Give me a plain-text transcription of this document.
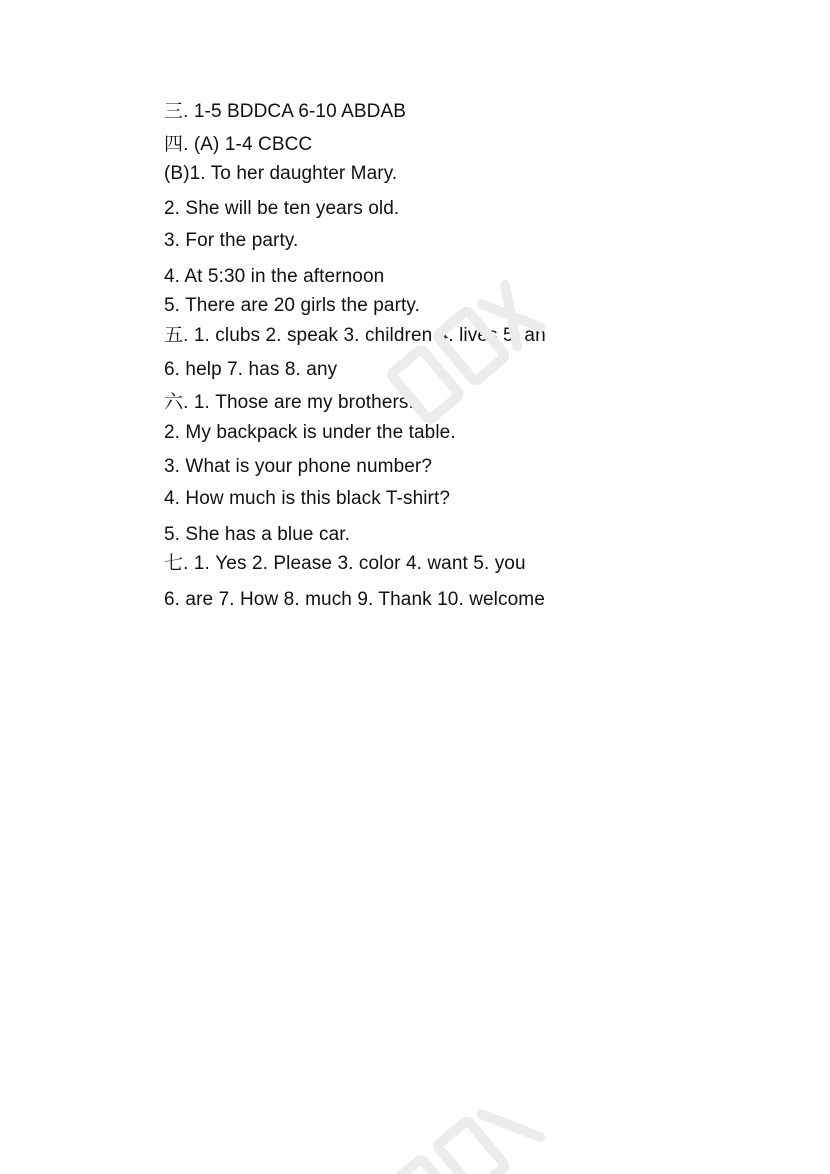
三. 1-5 BDDCA 6-10 ABDAB
四. (A) 1-4 CBCC
(B)1. To her daughter Mary.
2. She will be ten years old.
3. For the party.
4. At 5:30 in the afternoon
5. There are 20 girls the party.
五. 1. clubs 2. speak 3. children 4. lives 5. an
6. help 7. has 8. any
六. 1. Those are my brothers.
2. My backpack is under the table.
3. What is your phone number?
4. How much is this black T-shirt?
5. She has a blue car.
七. 1. Yes 2. Please 3. color 4. want 5. you
6. are 7. How 8. much 9. Thank 10. welcome
